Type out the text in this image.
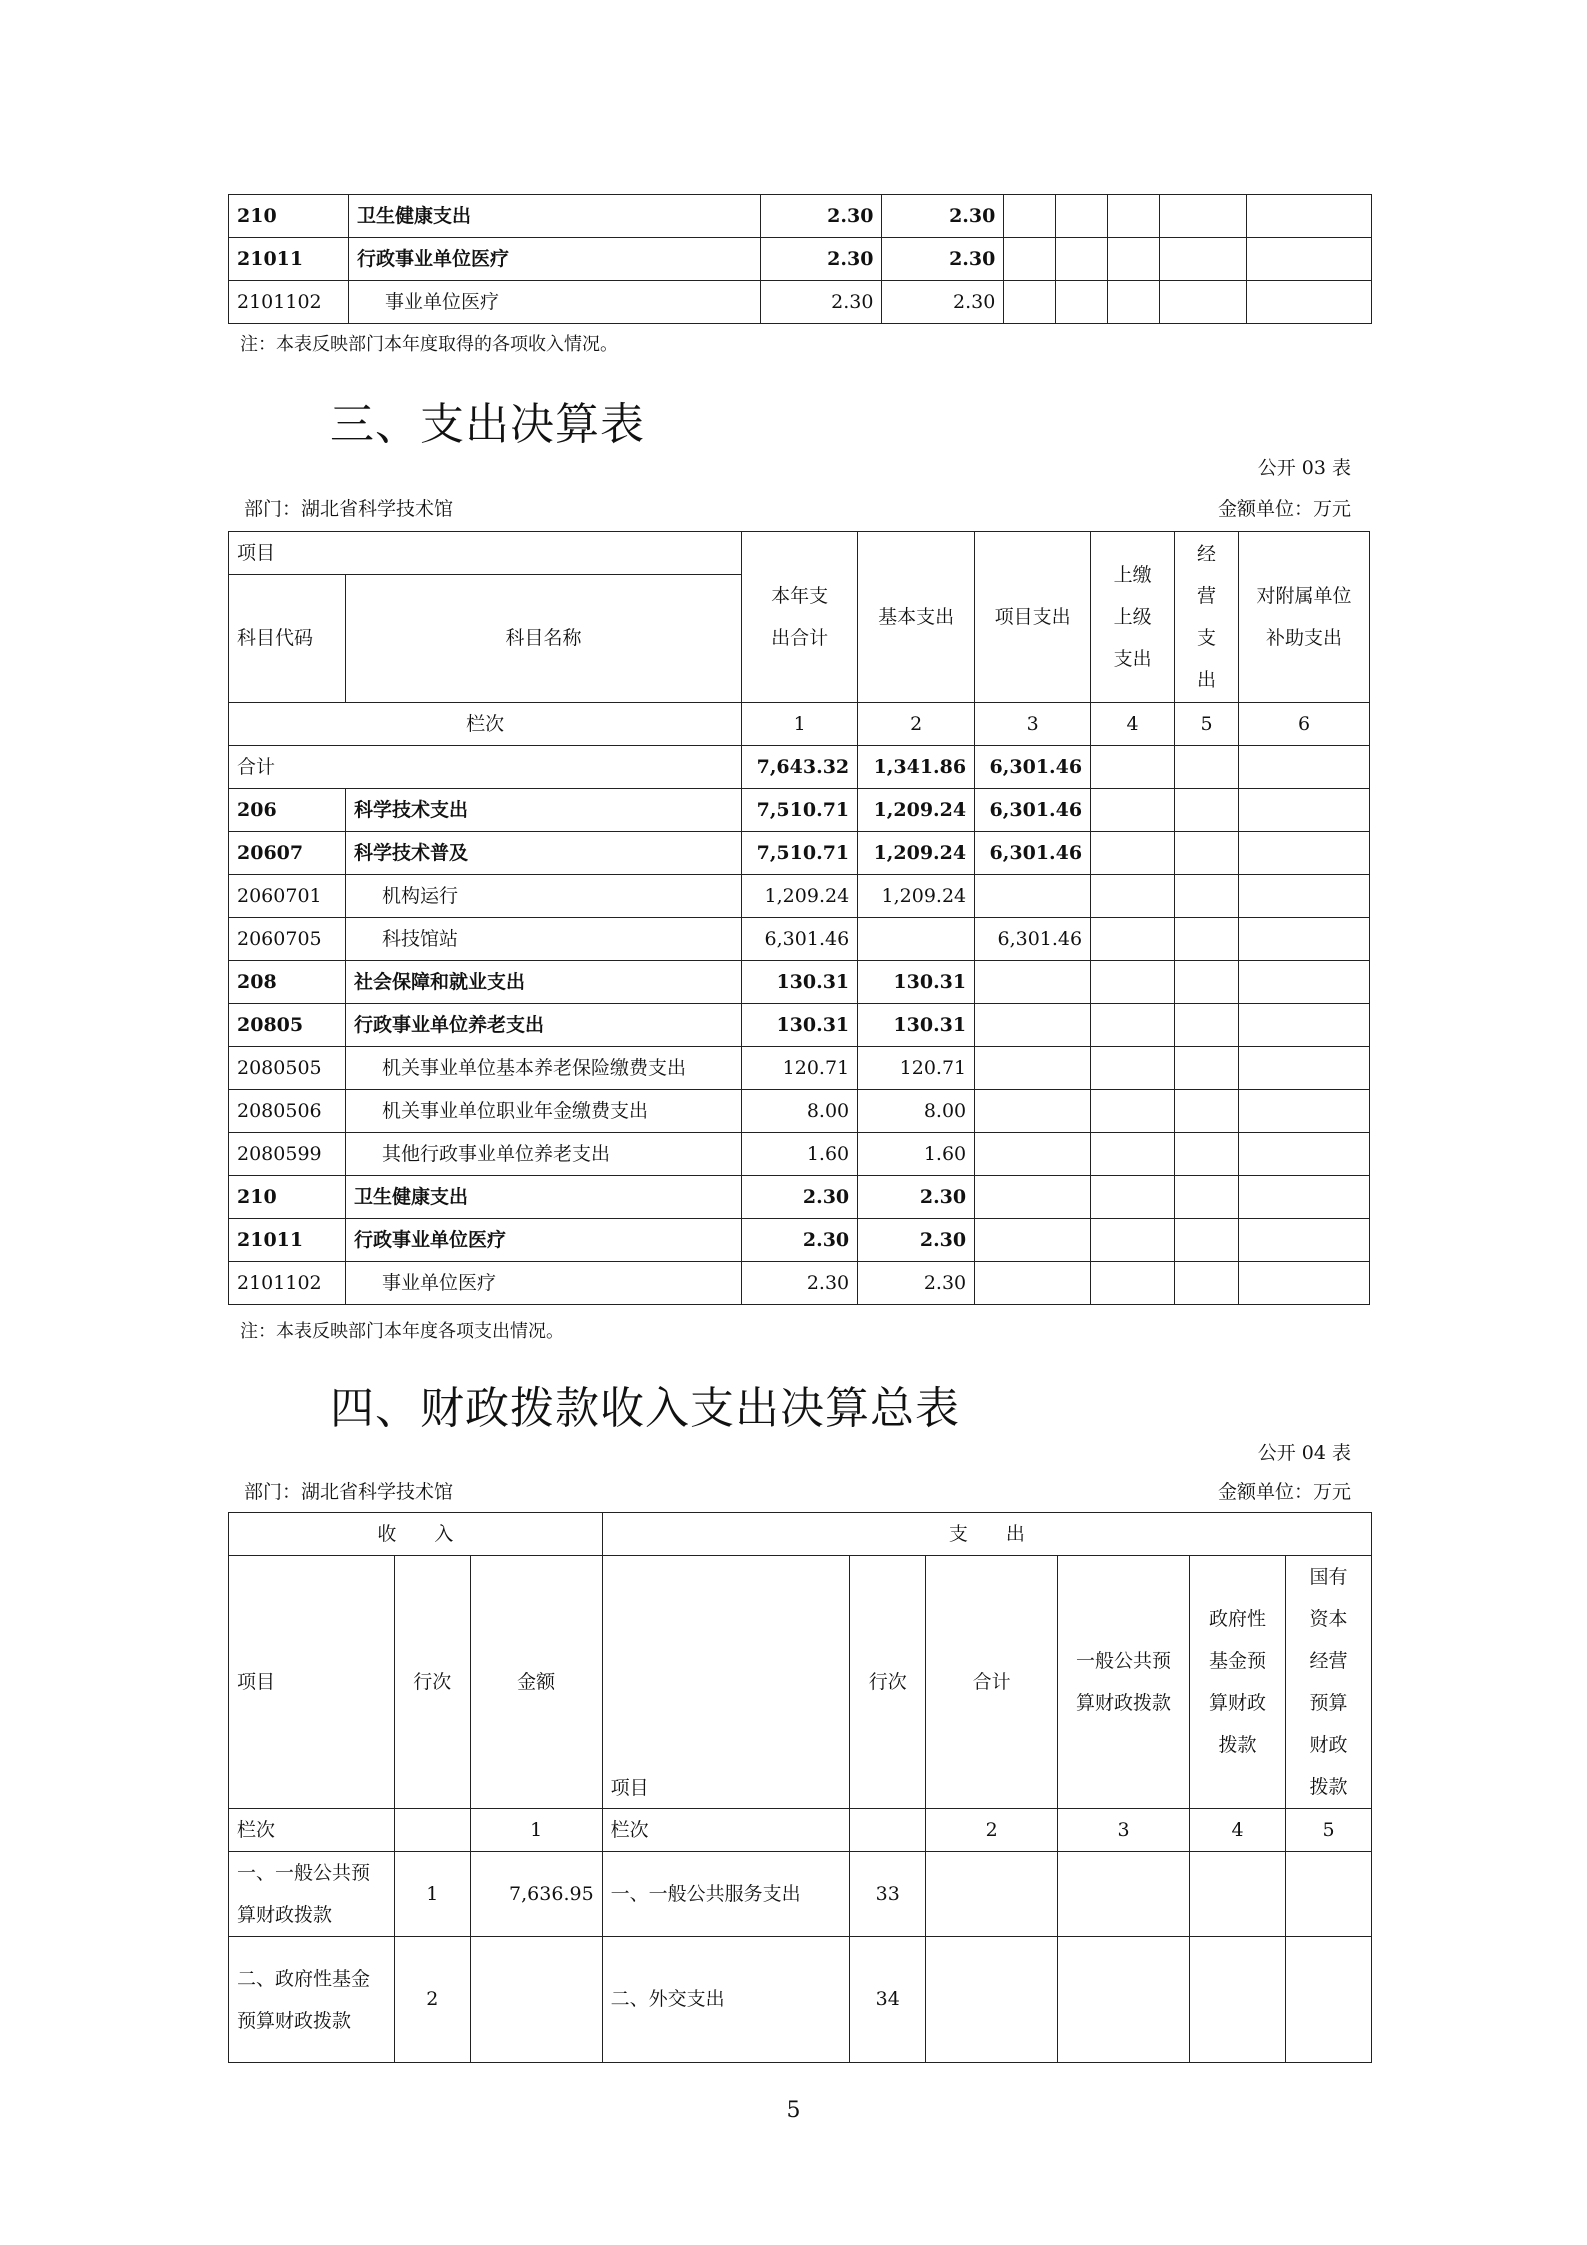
210	卫生健康支出	2.30	2.30					
21011	行政事业单位医疗	2.30	2.30					
2101102	事业单位医疗	2.30	2.30					
注：本表反映部门本年度取得的各项收入情况。
三、支出决算表
公开 03 表
部门：湖北省科学技术馆	金额单位：万元
项目		本年支出合计	基本支出	项目支出	上缴上级支出	经营支出	对附属单位补助支出
科目代码	科目名称						
栏次		1	2	3	4	5	6
合计		7,643.32	1,341.86	6,301.46			
206	科学技术支出	7,510.71	1,209.24	6,301.46			
20607	科学技术普及	7,510.71	1,209.24	6,301.46			
2060701	机构运行	1,209.24	1,209.24				
2060705	科技馆站	6,301.46		6,301.46			
208	社会保障和就业支出	130.31	130.31				
20805	行政事业单位养老支出	130.31	130.31				
2080505	机关事业单位基本养老保险缴费支出	120.71	120.71				
2080506	机关事业单位职业年金缴费支出	8.00	8.00				
2080599	其他行政事业单位养老支出	1.60	1.60				
210	卫生健康支出	2.30	2.30				
21011	行政事业单位医疗	2.30	2.30				
2101102	事业单位医疗	2.30	2.30				
注：本表反映部门本年度各项支出情况。
四、财政拨款收入支出决算总表
公开 04 表
部门：湖北省科学技术馆	金额单位：万元
收　　入			支　　出					
项目	行次	金额	项目	行次	合计	一般公共预算财政拨款	政府性基金预算财政拨款	国有资本经营预算财政拨款
栏次		1	栏次		2	3	4	5
一、一般公共预算财政拨款	1	7,636.95	一、一般公共服务支出	33				
二、政府性基金预算财政拨款	2		二、外交支出	34				
5
